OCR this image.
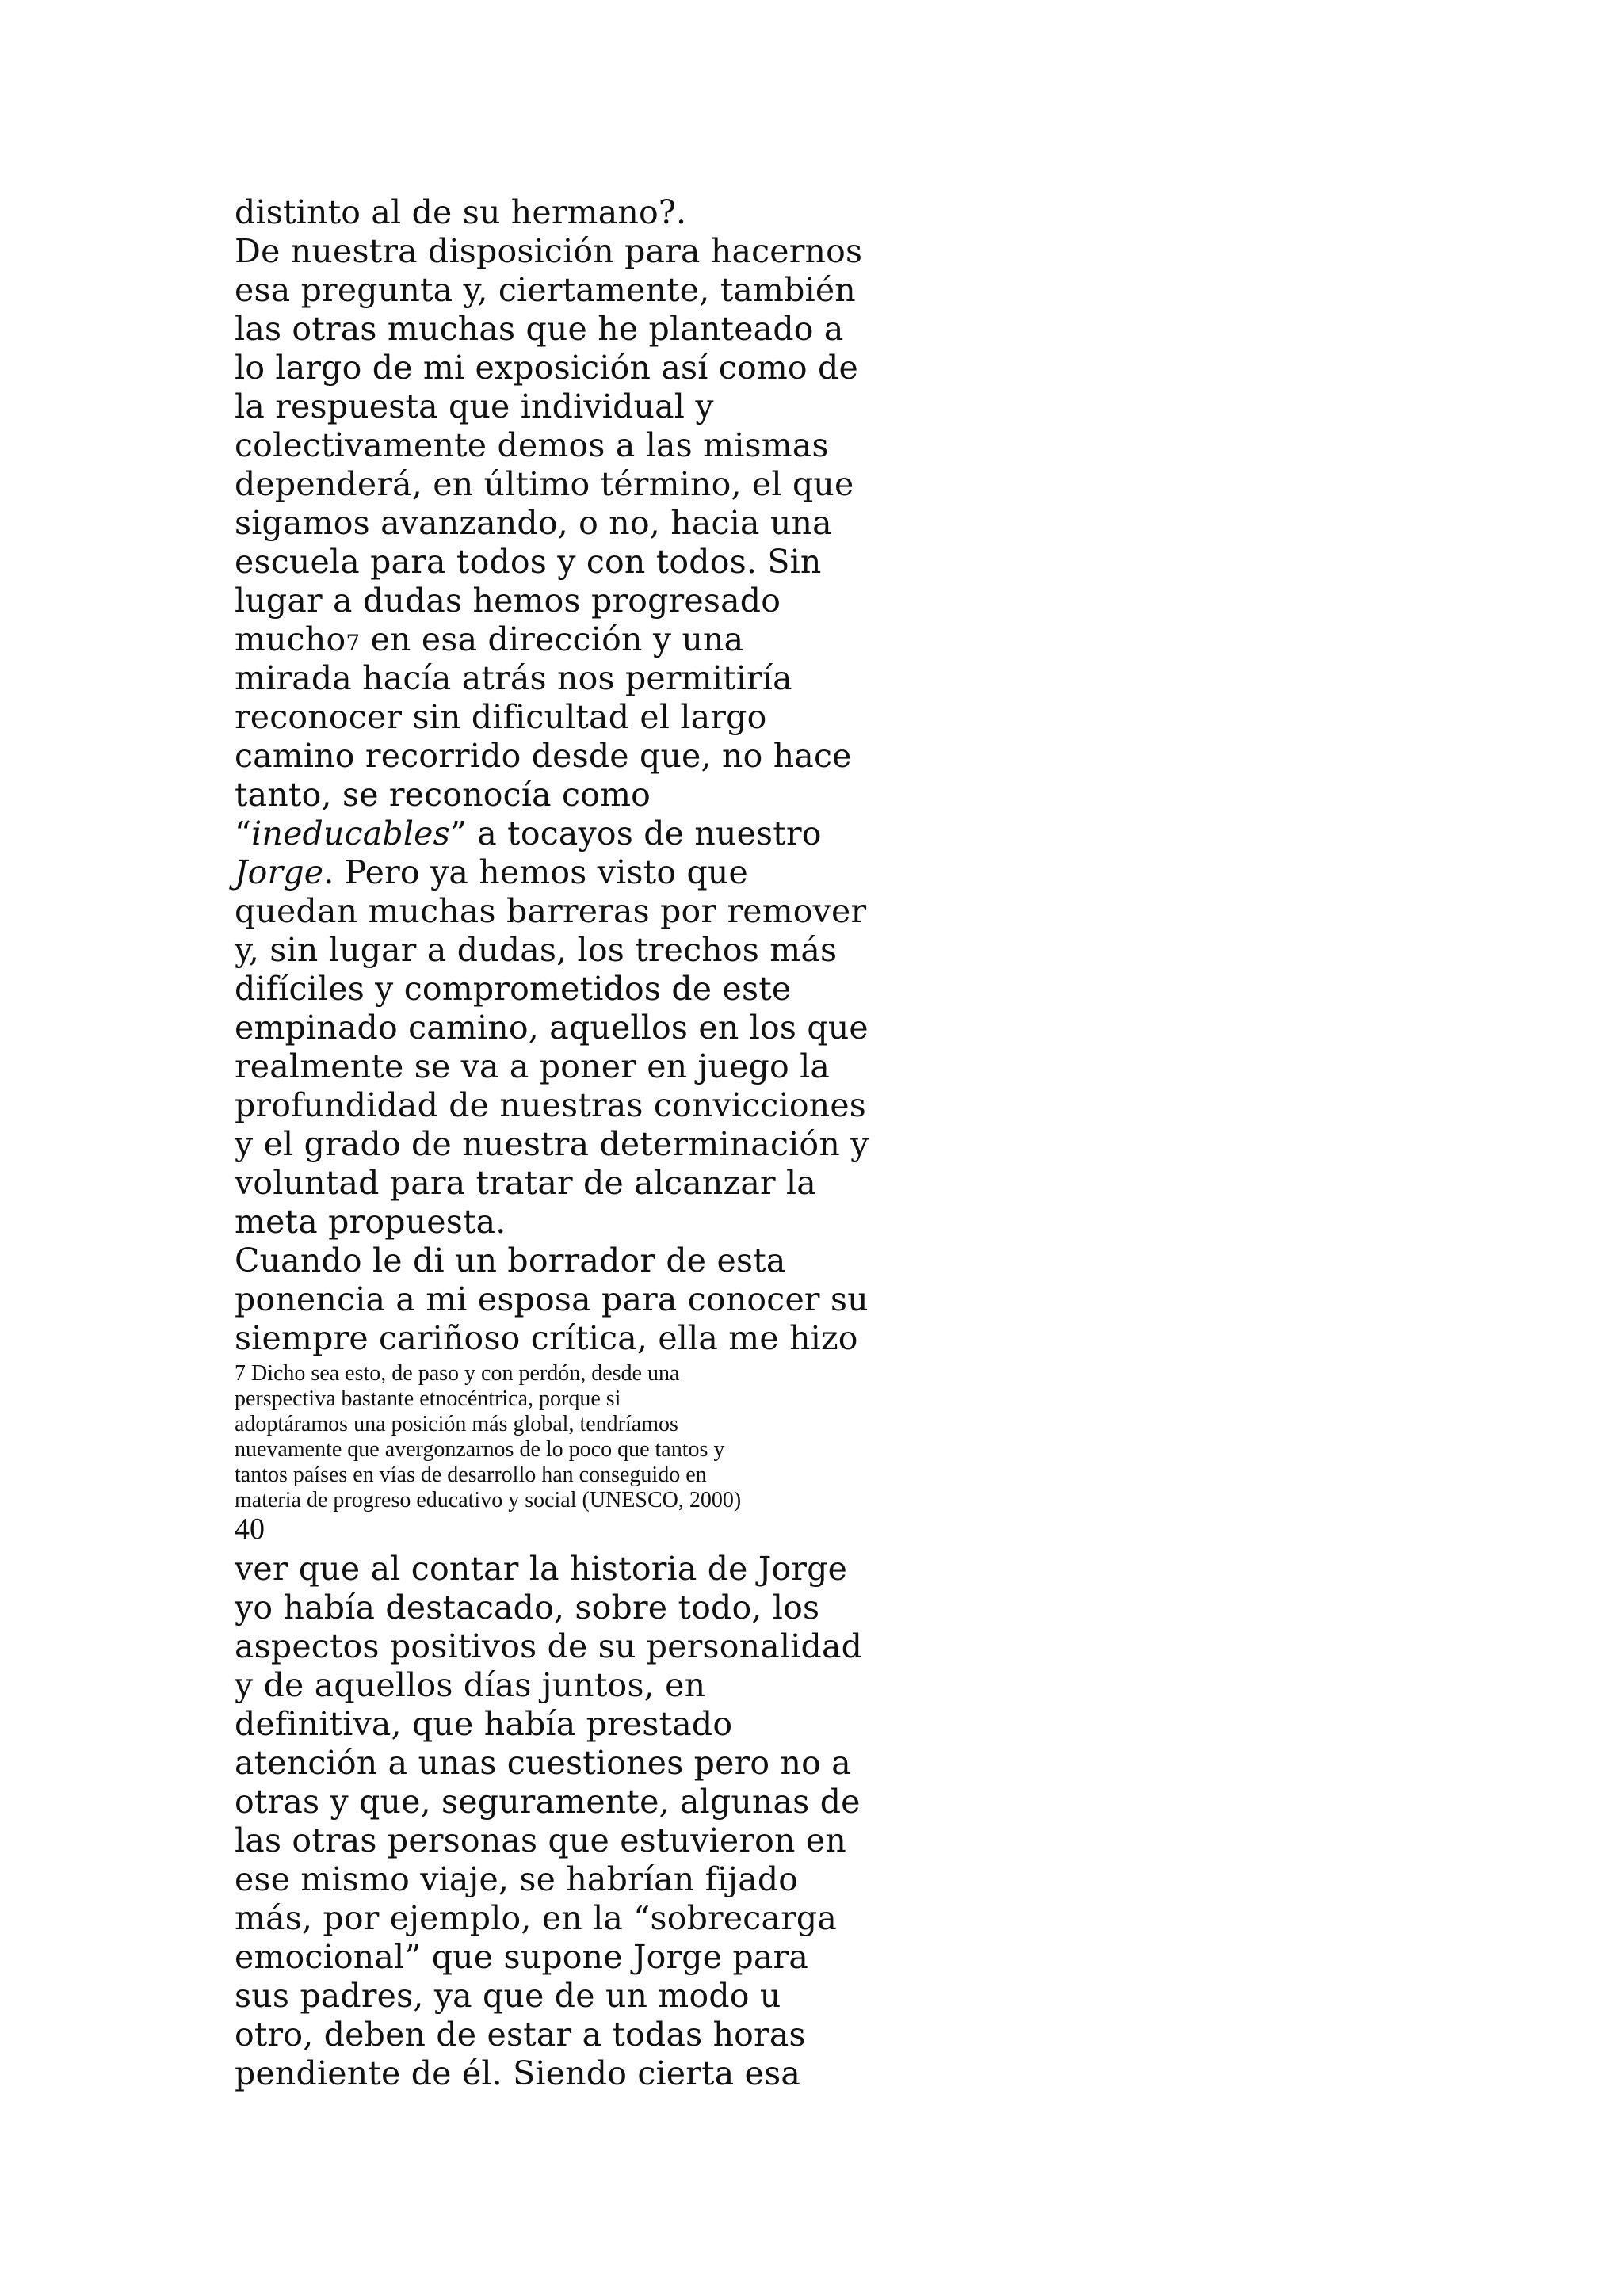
distinto al de su hermano?.
De nuestra disposición para hacernos
esa pregunta y, ciertamente, también
las otras muchas que he planteado a
lo largo de mi exposición así como de
la respuesta que individual y
colectivamente demos a las mismas
dependerá, en último término, el que
sigamos avanzando, o no, hacia una
escuela para todos y con todos. Sin
lugar a dudas hemos progresado
mucho7 en esa dirección y una
mirada hacía atrás nos permitiría
reconocer sin dificultad el largo
camino recorrido desde que, no hace
tanto, se reconocía como
“ineducables” a tocayos de nuestro
Jorge. Pero ya hemos visto que
quedan muchas barreras por remover
y, sin lugar a dudas, los trechos más
difíciles y comprometidos de este
empinado camino, aquellos en los que
realmente se va a poner en juego la
profundidad de nuestras convicciones
y el grado de nuestra determinación y
voluntad para tratar de alcanzar la
meta propuesta.
Cuando le di un borrador de esta
ponencia a mi esposa para conocer su
siempre cariñoso crítica, ella me hizo
7 Dicho sea esto, de paso y con perdón, desde una
perspectiva bastante etnocéntrica, porque si
adoptáramos una posición más global, tendríamos
nuevamente que avergonzarnos de lo poco que tantos y
tantos países en vías de desarrollo han conseguido en
materia de progreso educativo y social (UNESCO, 2000)
40
ver que al contar la historia de Jorge
yo había destacado, sobre todo, los
aspectos positivos de su personalidad
y de aquellos días juntos, en
definitiva, que había prestado
atención a unas cuestiones pero no a
otras y que, seguramente, algunas de
las otras personas que estuvieron en
ese mismo viaje, se habrían fijado
más, por ejemplo, en la “sobrecarga
emocional” que supone Jorge para
sus padres, ya que de un modo u
otro, deben de estar a todas horas
pendiente de él. Siendo cierta esa
